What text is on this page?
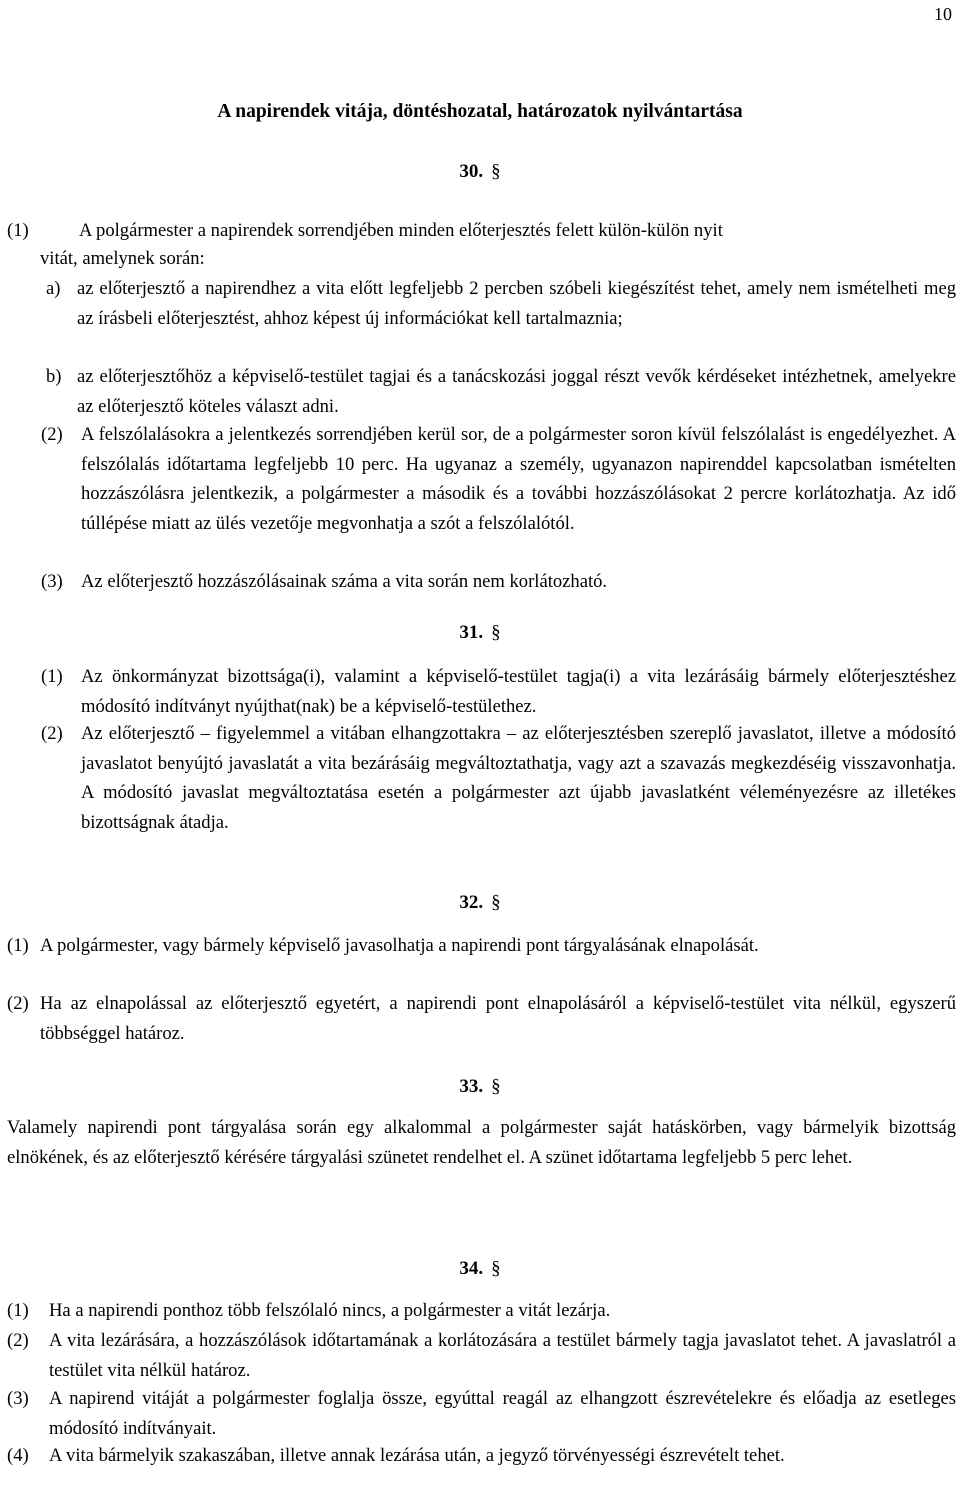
10
A napirendek vitája, döntéshozatal, határozatok nyilvántartása
30. §
(1)	A polgármester a napirendek sorrendjében minden előterjesztés felett külön-külön nyit
vitát, amelynek során:
a) az előterjesztő a napirendhez a vita előtt legfeljebb 2 percben szóbeli kiegészítést tehet, amely nem ismételheti meg az írásbeli előterjesztést, ahhoz képest új információkat kell tartalmaznia;
b) az előterjesztőhöz a képviselő-testület tagjai és a tanácskozási joggal részt vevők kérdéseket intézhetnek, amelyekre az előterjesztő köteles választ adni.
(2) A felszólalásokra a jelentkezés sorrendjében kerül sor, de a polgármester soron kívül felszólalást is engedélyezhet. A felszólalás időtartama legfeljebb 10 perc. Ha ugyanaz a személy, ugyanazon napirenddel kapcsolatban ismételten hozzászólásra jelentkezik, a polgármester a második és a további hozzászólásokat 2 percre korlátozhatja. Az idő túllépése miatt az ülés vezetője megvonhatja a szót a felszólalótól.
(3) Az előterjesztő hozzászólásainak száma a vita során nem korlátozható.
31. §
(1) Az önkormányzat bizottsága(i), valamint a képviselő-testület tagja(i) a vita lezárásáig bármely előterjesztéshez módosító indítványt nyújthat(nak) be a képviselő-testülethez.
(2) Az előterjesztő – figyelemmel a vitában elhangzottakra – az előterjesztésben szereplő javaslatot, illetve a módosító javaslatot benyújtó javaslatát a vita bezárásáig megváltoztathatja, vagy azt a szavazás megkezdéséig visszavonhatja. A módosító javaslat megváltoztatása esetén a polgármester azt újabb javaslatként véleményezésre az illetékes bizottságnak átadja.
32. §
(1) A polgármester, vagy bármely képviselő javasolhatja a napirendi pont tárgyalásának elnapolását.
(2) Ha az elnapolással az előterjesztő egyetért, a napirendi pont elnapolásáról a képviselő-testület vita nélkül, egyszerű többséggel határoz.
33. §
Valamely napirendi pont tárgyalása során egy alkalommal a polgármester saját hatáskörben, vagy bármelyik bizottság elnökének, és az előterjesztő kérésére tárgyalási szünetet rendelhet el. A szünet időtartama legfeljebb 5 perc lehet.
34. §
(1) Ha a napirendi ponthoz több felszólaló nincs, a polgármester a vitát lezárja.
(2) A vita lezárására, a hozzászólások időtartamának a korlátozására a testület bármely tagja javaslatot tehet. A javaslatról a testület vita nélkül határoz.
(3) A napirend vitáját a polgármester foglalja össze, egyúttal reagál az elhangzott észrevételekre és előadja az esetleges módosító indítványait.
(4) A vita bármelyik szakaszában, illetve annak lezárása után, a jegyző törvényességi észrevételt tehet.
